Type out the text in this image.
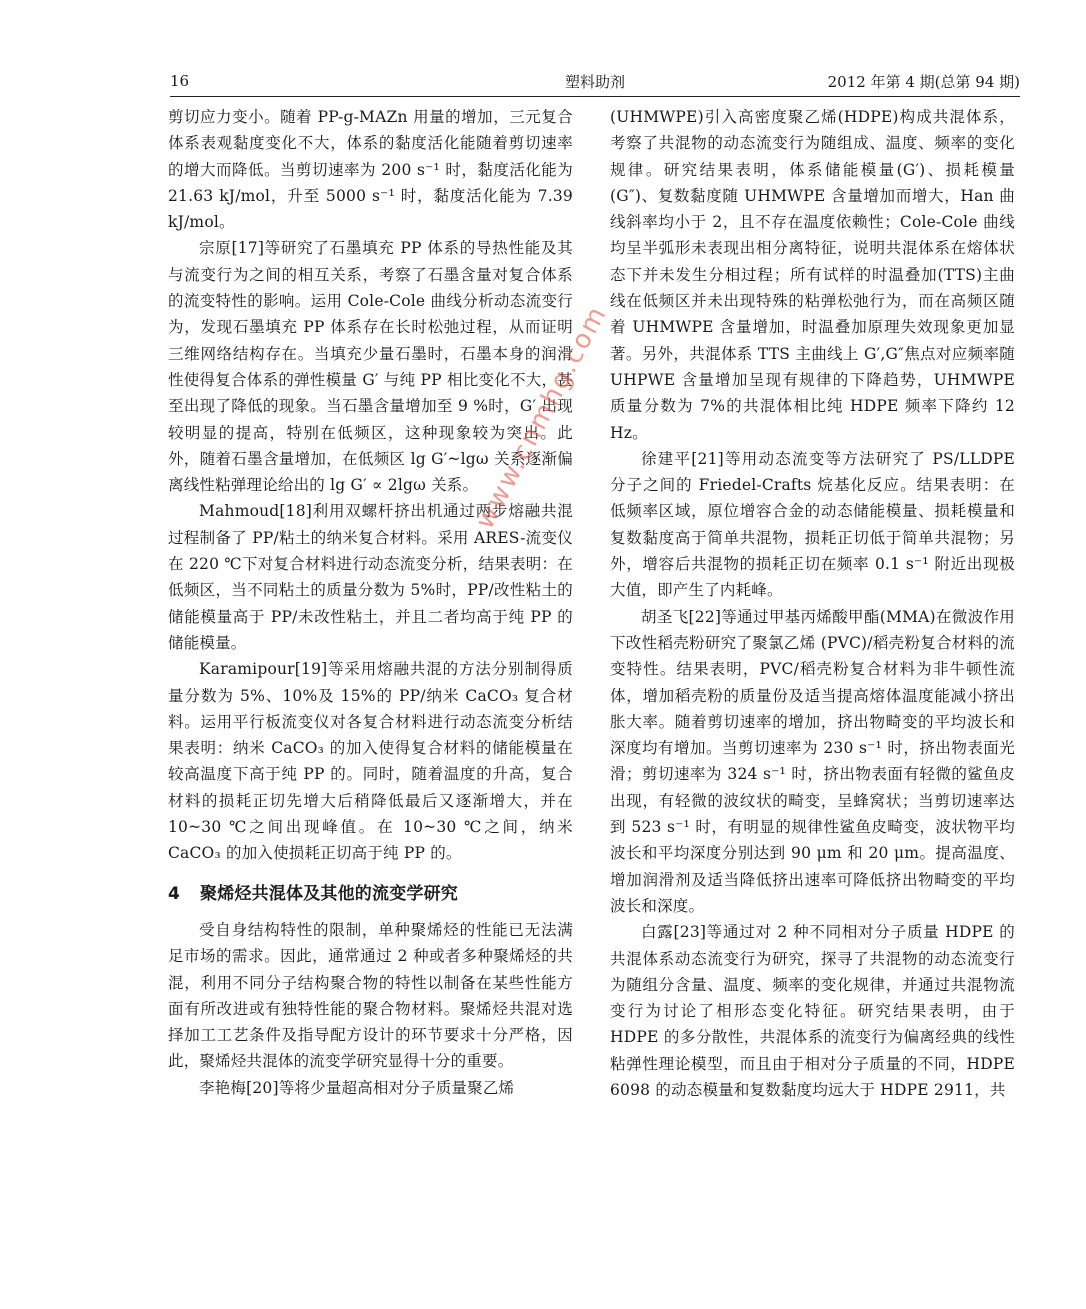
16	塑料助剂	2012 年第 4 期(总第 94 期)

剪切应力变小。随着 PP-g-MAZn 用量的增加，三元复合体系表观黏度变化不大，体系的黏度活化能随着剪切速率的增大而降低。当剪切速率为 200 s⁻¹ 时，黏度活化能为 21.63 kJ/mol，升至 5000 s⁻¹ 时，黏度活化能为 7.39 kJ/mol。

宗原[17]等研究了石墨填充 PP 体系的导热性能及其与流变行为之间的相互关系，考察了石墨含量对复合体系的流变特性的影响。运用 Cole-Cole 曲线分析动态流变行为，发现石墨填充 PP 体系存在长时松弛过程，从而证明三维网络结构存在。当填充少量石墨时，石墨本身的润滑性使得复合体系的弹性模量 G′ 与纯 PP 相比变化不大，甚至出现了降低的现象。当石墨含量增加至 9 %时，G′ 出现较明显的提高，特别在低频区，这种现象较为突出。此外，随着石墨含量增加，在低频区 lg G′~lgω 关系逐渐偏离线性粘弹理论给出的 lg G′ ∝ 2lgω 关系。

Mahmoud[18]利用双螺杆挤出机通过两步熔融共混过程制备了 PP/粘土的纳米复合材料。采用 ARES-流变仪在 220 ℃下对复合材料进行动态流变分析，结果表明：在低频区，当不同粘土的质量分数为 5%时，PP/改性粘土的储能模量高于 PP/未改性粘土，并且二者均高于纯 PP 的储能模量。

Karamipour[19]等采用熔融共混的方法分别制得质量分数为 5%、10%及 15%的 PP/纳米 CaCO₃ 复合材料。运用平行板流变仪对各复合材料进行动态流变分析结果表明：纳米 CaCO₃ 的加入使得复合材料的储能模量在较高温度下高于纯 PP 的。同时，随着温度的升高，复合材料的损耗正切先增大后稍降低最后又逐渐增大，并在 10~30 ℃之间出现峰值。在 10~30 ℃之间，纳米 CaCO₃ 的加入使损耗正切高于纯 PP 的。

4 聚烯烃共混体及其他的流变学研究

受自身结构特性的限制，单种聚烯烃的性能已无法满足市场的需求。因此，通常通过 2 种或者多种聚烯烃的共混，利用不同分子结构聚合物的特性以制备在某些性能方面有所改进或有独特性能的聚合物材料。聚烯烃共混对选择加工工艺条件及指导配方设计的环节要求十分严格，因此，聚烯烃共混体的流变学研究显得十分的重要。

李艳梅[20]等将少量超高相对分子质量聚乙烯

(UHMWPE)引入高密度聚乙烯(HDPE)构成共混体系，考察了共混物的动态流变行为随组成、温度、频率的变化规律。研究结果表明，体系储能模量(G′)、损耗模量(G″)、复数黏度随 UHMWPE 含量增加而增大，Han 曲线斜率均小于 2，且不存在温度依赖性；Cole-Cole 曲线均呈半弧形未表现出相分离特征，说明共混体系在熔体状态下并未发生分相过程；所有试样的时温叠加(TTS)主曲线在低频区并未出现特殊的粘弹松弛行为，而在高频区随着 UHMWPE 含量增加，时温叠加原理失效现象更加显著。另外，共混体系 TTS 主曲线上 G′,G″焦点对应频率随 UHPWE 含量增加呈现有规律的下降趋势，UHMWPE 质量分数为 7%的共混体相比纯 HDPE 频率下降约 12 Hz。

徐建平[21]等用动态流变等方法研究了 PS/LLDPE 分子之间的 Friedel-Crafts 烷基化反应。结果表明：在低频率区域，原位增容合金的动态储能模量、损耗模量和复数黏度高于简单共混物，损耗正切低于简单共混物；另外，增容后共混物的损耗正切在频率 0.1 s⁻¹ 附近出现极大值，即产生了内耗峰。

胡圣飞[22]等通过甲基丙烯酸甲酯(MMA)在微波作用下改性稻壳粉研究了聚氯乙烯 (PVC)/稻壳粉复合材料的流变特性。结果表明，PVC/稻壳粉复合材料为非牛顿性流体，增加稻壳粉的质量份及适当提高熔体温度能减小挤出胀大率。随着剪切速率的增加，挤出物畸变的平均波长和深度均有增加。当剪切速率为 230 s⁻¹ 时，挤出物表面光滑；剪切速率为 324 s⁻¹ 时，挤出物表面有轻微的鲨鱼皮出现，有轻微的波纹状的畸变，呈蜂窝状；当剪切速率达到 523 s⁻¹ 时，有明显的规律性鲨鱼皮畸变，波状物平均波长和平均深度分别达到 90 μm 和 20 μm。提高温度、增加润滑剂及适当降低挤出速率可降低挤出物畸变的平均波长和深度。

白露[23]等通过对 2 种不同相对分子质量 HDPE 的共混体系动态流变行为研究，探寻了共混物的动态流变行为随组分含量、温度、频率的变化规律，并通过共混物流变行为讨论了相形态变化特征。研究结果表明，由于 HDPE 的多分散性，共混体系的流变行为偏离经典的线性粘弹性理论模型，而且由于相对分子质量的不同，HDPE 6098 的动态模量和复数黏度均远大于 HDPE 2911，共

www.cnmhg.com
